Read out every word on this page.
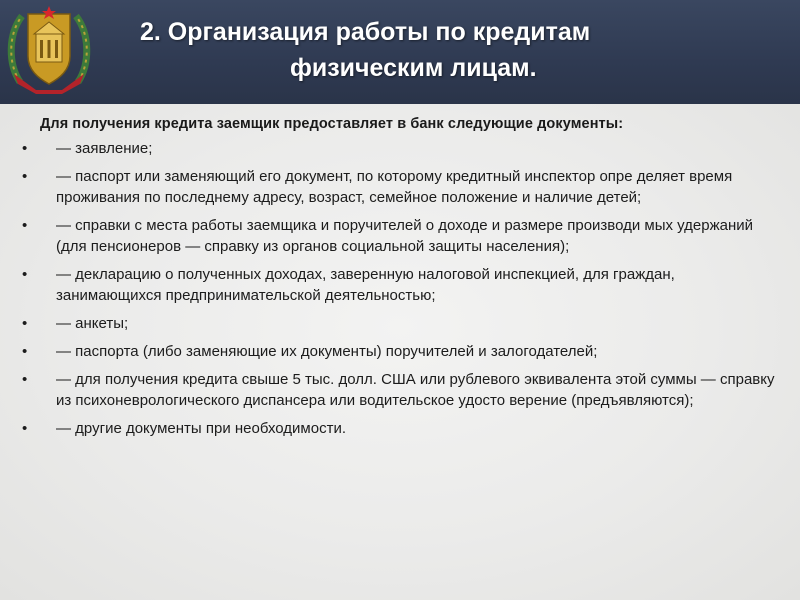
2. Организация работы по кредитам
физическим лицам.
Для получения кредита заемщик предоставляет в банк следующие документы:
•	— заявление;
•	— паспорт или заменяющий его документ, по которому кредитный инспектор опре деляет время проживания по последнему адресу, возраст, семейное положение и наличие детей;
•	— справки с места работы заемщика и поручителей о доходе и размере производи мых удержаний (для пенсионеров — справку из органов социальной защиты населения);
•	— декларацию о полученных доходах, заверенную налоговой инспекцией, для граждан, занимающихся предпринимательской деятельностью;
•	— анкеты;
•	— паспорта (либо заменяющие их документы) поручителей и залогодателей;
•	— для получения кредита свыше 5 тыс. долл. США или рублевого эквивалента этой суммы — справку из психоневрологического диспансера или водительское удосто верение (предъявляются);
•	— другие документы при необходимости.
